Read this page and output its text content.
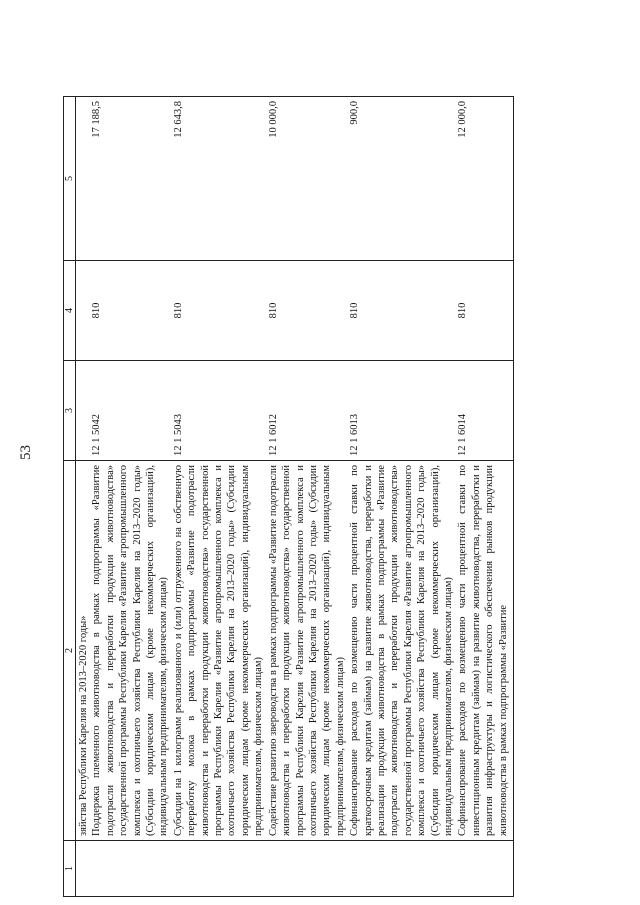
53
1	2	3	4	5
	зяйства Республики Карелия на 2013–2020 годы»			
	Поддержка племенного животноводства в рамках подпрограммы «Развитие подотрасли животноводства и переработки продукции животноводства» государственной программы Республики Карелия «Развитие агропромышленного комплекса и охотничьего хозяйства Республики Карелия на 2013–2020 годы» (Субсидии юридическим лицам (кроме некоммерческих организаций), индивидуальным предпринимателям, физическим лицам)	12 1 5042	810	17 188,5
	Субсидии на 1 килограмм реализованного и (или) отгруженного на собственную переработку молока в рамках подпрограммы «Развитие подотрасли животноводства и переработки продукции животноводства» государственной программы Республики Карелия «Развитие агропромышленного комплекса и охотничьего хозяйства Республики Карелия на 2013–2020 годы» (Субсидии юридическим лицам (кроме некоммерческих организаций), индивидуальным предпринимателям, физическим лицам)	12 1 5043	810	12 643,8
	Содействие развитию звероводства в рамках подпрограммы «Развитие подотрасли животноводства и переработки продукции животноводства» государственной программы Республики Карелия «Развитие агропромышленного комплекса и охотничьего хозяйства Республики Карелия на 2013–2020 годы» (Субсидии юридическим лицам (кроме некоммерческих организаций), индивидуальным предпринимателям, физическим лицам)	12 1 6012	810	10 000,0
	Софинансирование расходов по возмещению части процентной ставки по краткосрочным кредитам (займам) на развитие животноводства, переработки и реализации продукции животноводства в рамках подпрограммы «Развитие подотрасли животноводства и переработки продукции животноводства» государственной программы Республики Карелия «Развитие агропромышленного комплекса и охотничьего хозяйства Республики Карелия на 2013–2020 годы» (Субсидии юридическим лицам (кроме некоммерческих организаций), индивидуальным предпринимателям, физическим лицам)	12 1 6013	810	900,0
	Софинансирование расходов по возмещению части процентной ставки по инвестиционным кредитам (займам) на развитие животноводства, переработки и развития инфраструктуры и логистического обеспечения рынков продукции животноводства в рамках подпрограммы «Развитие	12 1 6014	810	12 000,0
